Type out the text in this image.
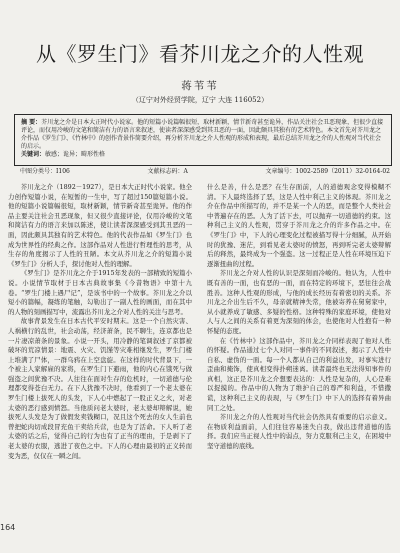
从《罗生门》看芥川龙之介的人性观
蒋苇苇
（辽宁对外经贸学院，辽宁 大连 116052）
摘 要：芥川龙之介是日本大正时代小说家。他的短篇小说篇幅很短，取材新颖，情节新奇甚至诡异，作品关注社会丑恶现象，但很少直接评论，而仅用冷峻的文笔和简洁有力的语言来叙述，使读者深深感受到其丑恶的一面，因此颇具其独有的艺术特色。本文首先对芥川龙之介作品《罗生门》、《竹林中》的创作背景作简要介绍，再分析芥川龙之介人性观的形成和表现，最后总结芥川龙之介的人性观对当代社会的启示。
关键词：敏感；诡异；畸形性格
中图分类号：I106	文献标志码：A	文章编号：1002-2589（2011）32-0164-02

芥川龙之介（1892－1927），是日本大正时代小说家。他全力创作短篇小说，在短暂的一生中，写了超过150篇短篇小说。他的短篇小说篇幅很短，取材新颖，情节新奇甚至诡异。他的作品主要关注社会丑恶现象，但又很少直接评论，仅用冷峻的文笔和简洁有力的语言来加以陈述，使让读者深深感受到其丑恶的一面，因此颇具其独有的艺术特色。他的代表作品如《罗生门》也成为世界性的经典之作。这部作品对人性进行哲理性的思考，从生存的角度揭示了人性的丑陋。本文从芥川龙之介的短篇小说《罗生门》分析人手，探讨他对人性的理解。

《罗生门》是芥川龙之介于1915年发表的一部精致的短篇小说。小说情节取材于日本古典故事集《今昔物语》中第十九卷。“罗生门楼上遇尸记”，是该书中的一个故事。芥川龙之介以短小的篇幅，凝练的笔触，勾勒出了一副人性的画面，而在其中的人物的刻画描写中，流露出芥川龙之介对人性的关注与思考。

故事背景发生在日本古代平安时期末。这是一个自然灾害、人祸横行的乱世，社会动荡，经济萧条，民不聊生，连京都也是一片凄凉萧条的景象。小说一开头，用冷静的笔调叙述了京都被破坏的荒凉情景：地震、火灾、饥馑等灾难相继发生，罗生门楼上堆满了尸体，一群乌鸦在上空盘旋。在这样的时代背景下，一个被主人家解雇的家将，在罗生门下避雨，他的内心在饿死与做强盗之间犹豫不决。人往往在面对生存的危机时，一切道德与伦理都变得苍白无力。在下人犹豫不决时，他看到了一个老太婆在罗生门楼上拔死人的头发，下人心中燃起了一股正义之火，对老太婆的恶行感到愤怒。当他质问老太婆时，老太婆却辩解说，她拔死人头发是为了做假发卖钱糊口，况且这个死去的女人生前也曾把蛇肉切成段冒充鱼干卖给兵营，也是为了活命。下人听了老太婆的话之后，觉得自己的行为也有了正当的理由，于是剥下了老太婆的衣服，逃进了夜色之中。下人的心理由最初的正义转而变为恶，仅仅在一瞬之间。

什么是善，什么是恶？在生存面前，人的道德观念变得模糊不清。下人最终选择了恶，这是人性中利己主义的体现。芥川龙之介在作品中所描写的，并不是某一个人的恶，而是整个人类社会中普遍存在的恶。人为了活下去，可以抛弃一切道德的约束。这种利己主义的人性观，贯穿于芥川龙之介的许多作品之中。在《罗生门》中，下人的心理变化过程被描写得十分细腻，从开始时的犹豫、迷茫，到看见老太婆时的愤怒，再到听完老太婆辩解后的释然，最终成为一个强盗。这一过程正是人性在环境压迫下逐渐扭曲的过程。

芥川龙之介对人性的认识是深刻而冷峻的。他认为，人性中既有善的一面，也有恶的一面，而在特定的环境下，恶往往会战胜善。这种人性观的形成，与他的成长经历有着密切的关系。芥川龙之介出生后不久，母亲就精神失常，他被寄养在舅舅家中，从小就养成了敏感、多疑的性格。这种特殊的家庭环境，使他对人与人之间的关系有着更为深刻的体会，也使他对人性抱有一种怀疑的态度。

在《竹林中》这部作品中，芥川龙之介同样表现了他对人性的怀疑。作品通过七个人对同一事件的不同叙述，揭示了人性中自私、虚伪的一面。每一个人都从自己的利益出发，对事实进行歪曲和掩饰，使真相变得扑朔迷离。读者最终也无法得知事件的真相，这正是芥川龙之介想要表达的：人性是复杂的，人心是难以捉摸的。作品中的人物为了维护自己的尊严和利益，不惜撒谎，这种利己主义的表现，与《罗生门》中下人的选择有着异曲同工之处。

芥川龙之介的人性观对当代社会仍然具有重要的启示意义。在物质利益面前，人们往往容易迷失自我，做出违背道德的选择。我们应当正视人性中的弱点，努力克服利己主义，在困境中坚守道德的底线。

164
